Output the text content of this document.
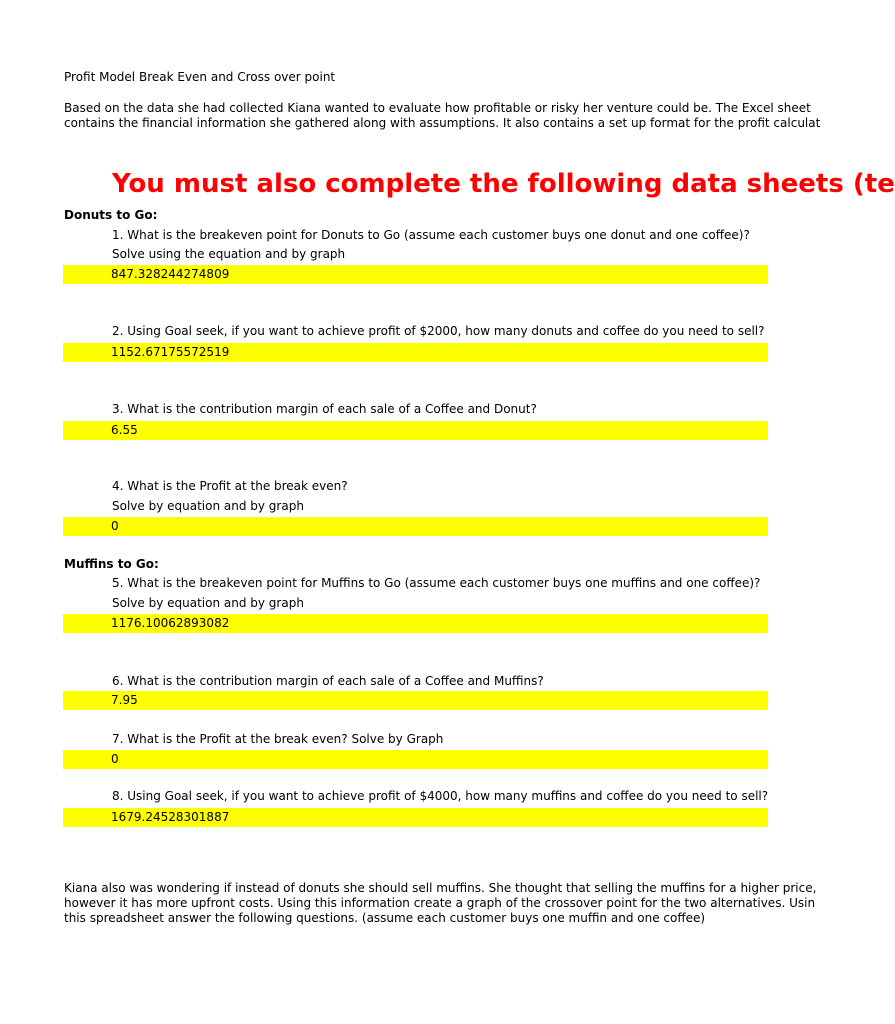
Profit Model Break Even and Cross over point
Based on the data she had collected Kiana wanted to evaluate how profitable or risky her venture could be. The Excel sheet
contains the financial information she gathered along with assumptions. It also contains a set up format for the profit calculat
You must also complete the following data sheets (te
Donuts to Go:
1. What is the breakeven point for Donuts to Go (assume each customer buys one donut and one coffee)?
Solve using the equation and by graph
847.328244274809
2. Using Goal seek, if you want to achieve profit of $2000, how many donuts and coffee do you need to sell?
1152.67175572519
3. What is the contribution margin of each sale of a Coffee and Donut?
6.55
4. What is the Profit at the break even?
Solve by equation and by graph
0
Muffins to Go:
5. What is the breakeven point for Muffins to Go (assume each customer buys one muffins and one coffee)?
Solve by equation and by graph
1176.10062893082
6. What is the contribution margin of each sale of a Coffee and Muffins?
7.95
7. What is the Profit at the break even? Solve by Graph
0
8. Using Goal seek, if you want to achieve profit of $4000, how many muffins and coffee do you need to sell?
1679.24528301887
Kiana also was wondering if instead of donuts she should sell muffins. She thought that selling the muffins for a higher price,
however it has more upfront costs. Using this information create a graph of the crossover point for the two alternatives. Usin
this spreadsheet answer the following questions. (assume each customer buys one muffin and one coffee)
